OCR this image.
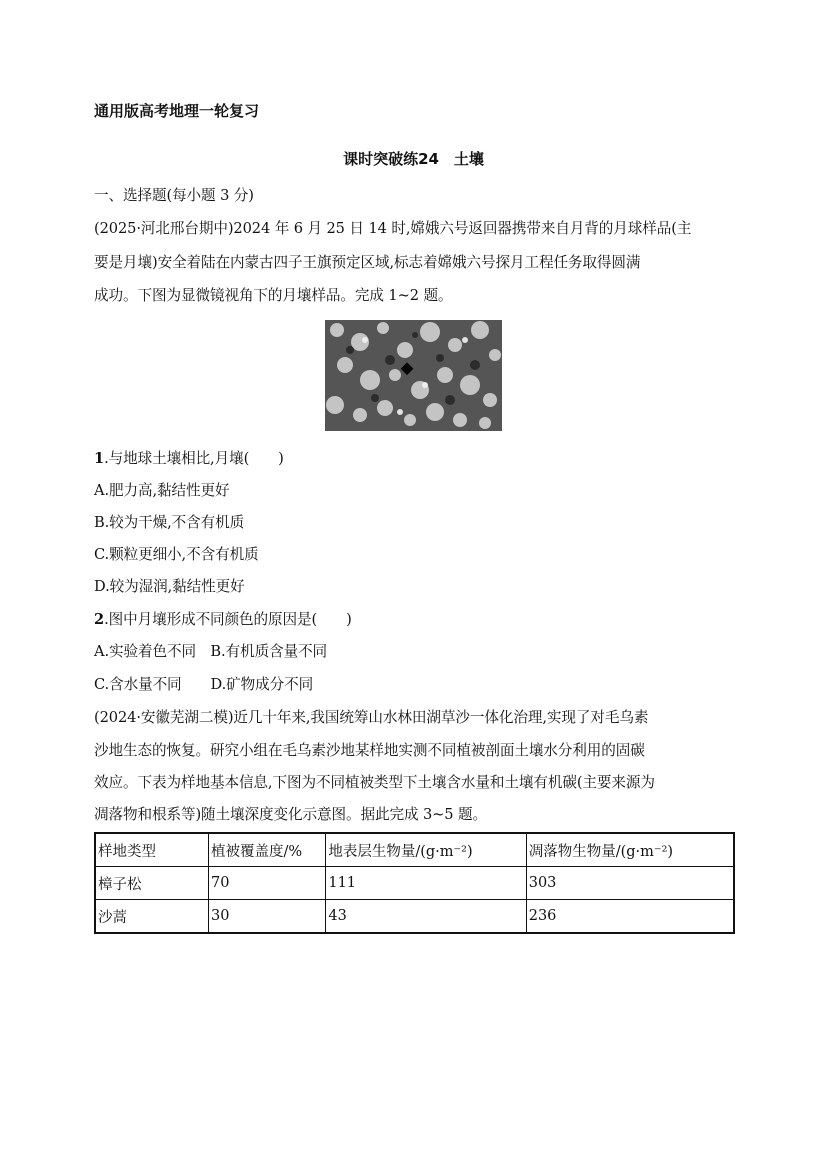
通用版高考地理一轮复习
课时突破练24　土壤
一、选择题(每小题 3 分)
(2025·河北邢台期中)2024 年 6 月 25 日 14 时,嫦娥六号返回器携带来自月背的月球样品(主
要是月壤)安全着陆在内蒙古四子王旗预定区域,标志着嫦娥六号探月工程任务取得圆满
成功。下图为显微镜视角下的月壤样品。完成 1~2 题。
1.与地球土壤相比,月壤(　　)
A.肥力高,黏结性更好
B.较为干燥,不含有机质
C.颗粒更细小,不含有机质
D.较为湿润,黏结性更好
2.图中月壤形成不同颜色的原因是(　　)
A.实验着色不同　B.有机质含量不同
C.含水量不同　　D.矿物成分不同
(2024·安徽芜湖二模)近几十年来,我国统筹山水林田湖草沙一体化治理,实现了对毛乌素
沙地生态的恢复。研究小组在毛乌素沙地某样地实测不同植被剖面土壤水分利用的固碳
效应。下表为样地基本信息,下图为不同植被类型下土壤含水量和土壤有机碳(主要来源为
凋落物和根系等)随土壤深度变化示意图。据此完成 3~5 题。
样地类型	植被覆盖度/%	地表层生物量/(g·m⁻²)	凋落物生物量/(g·m⁻²)
樟子松	70	111	303
沙蒿	30	43	236
